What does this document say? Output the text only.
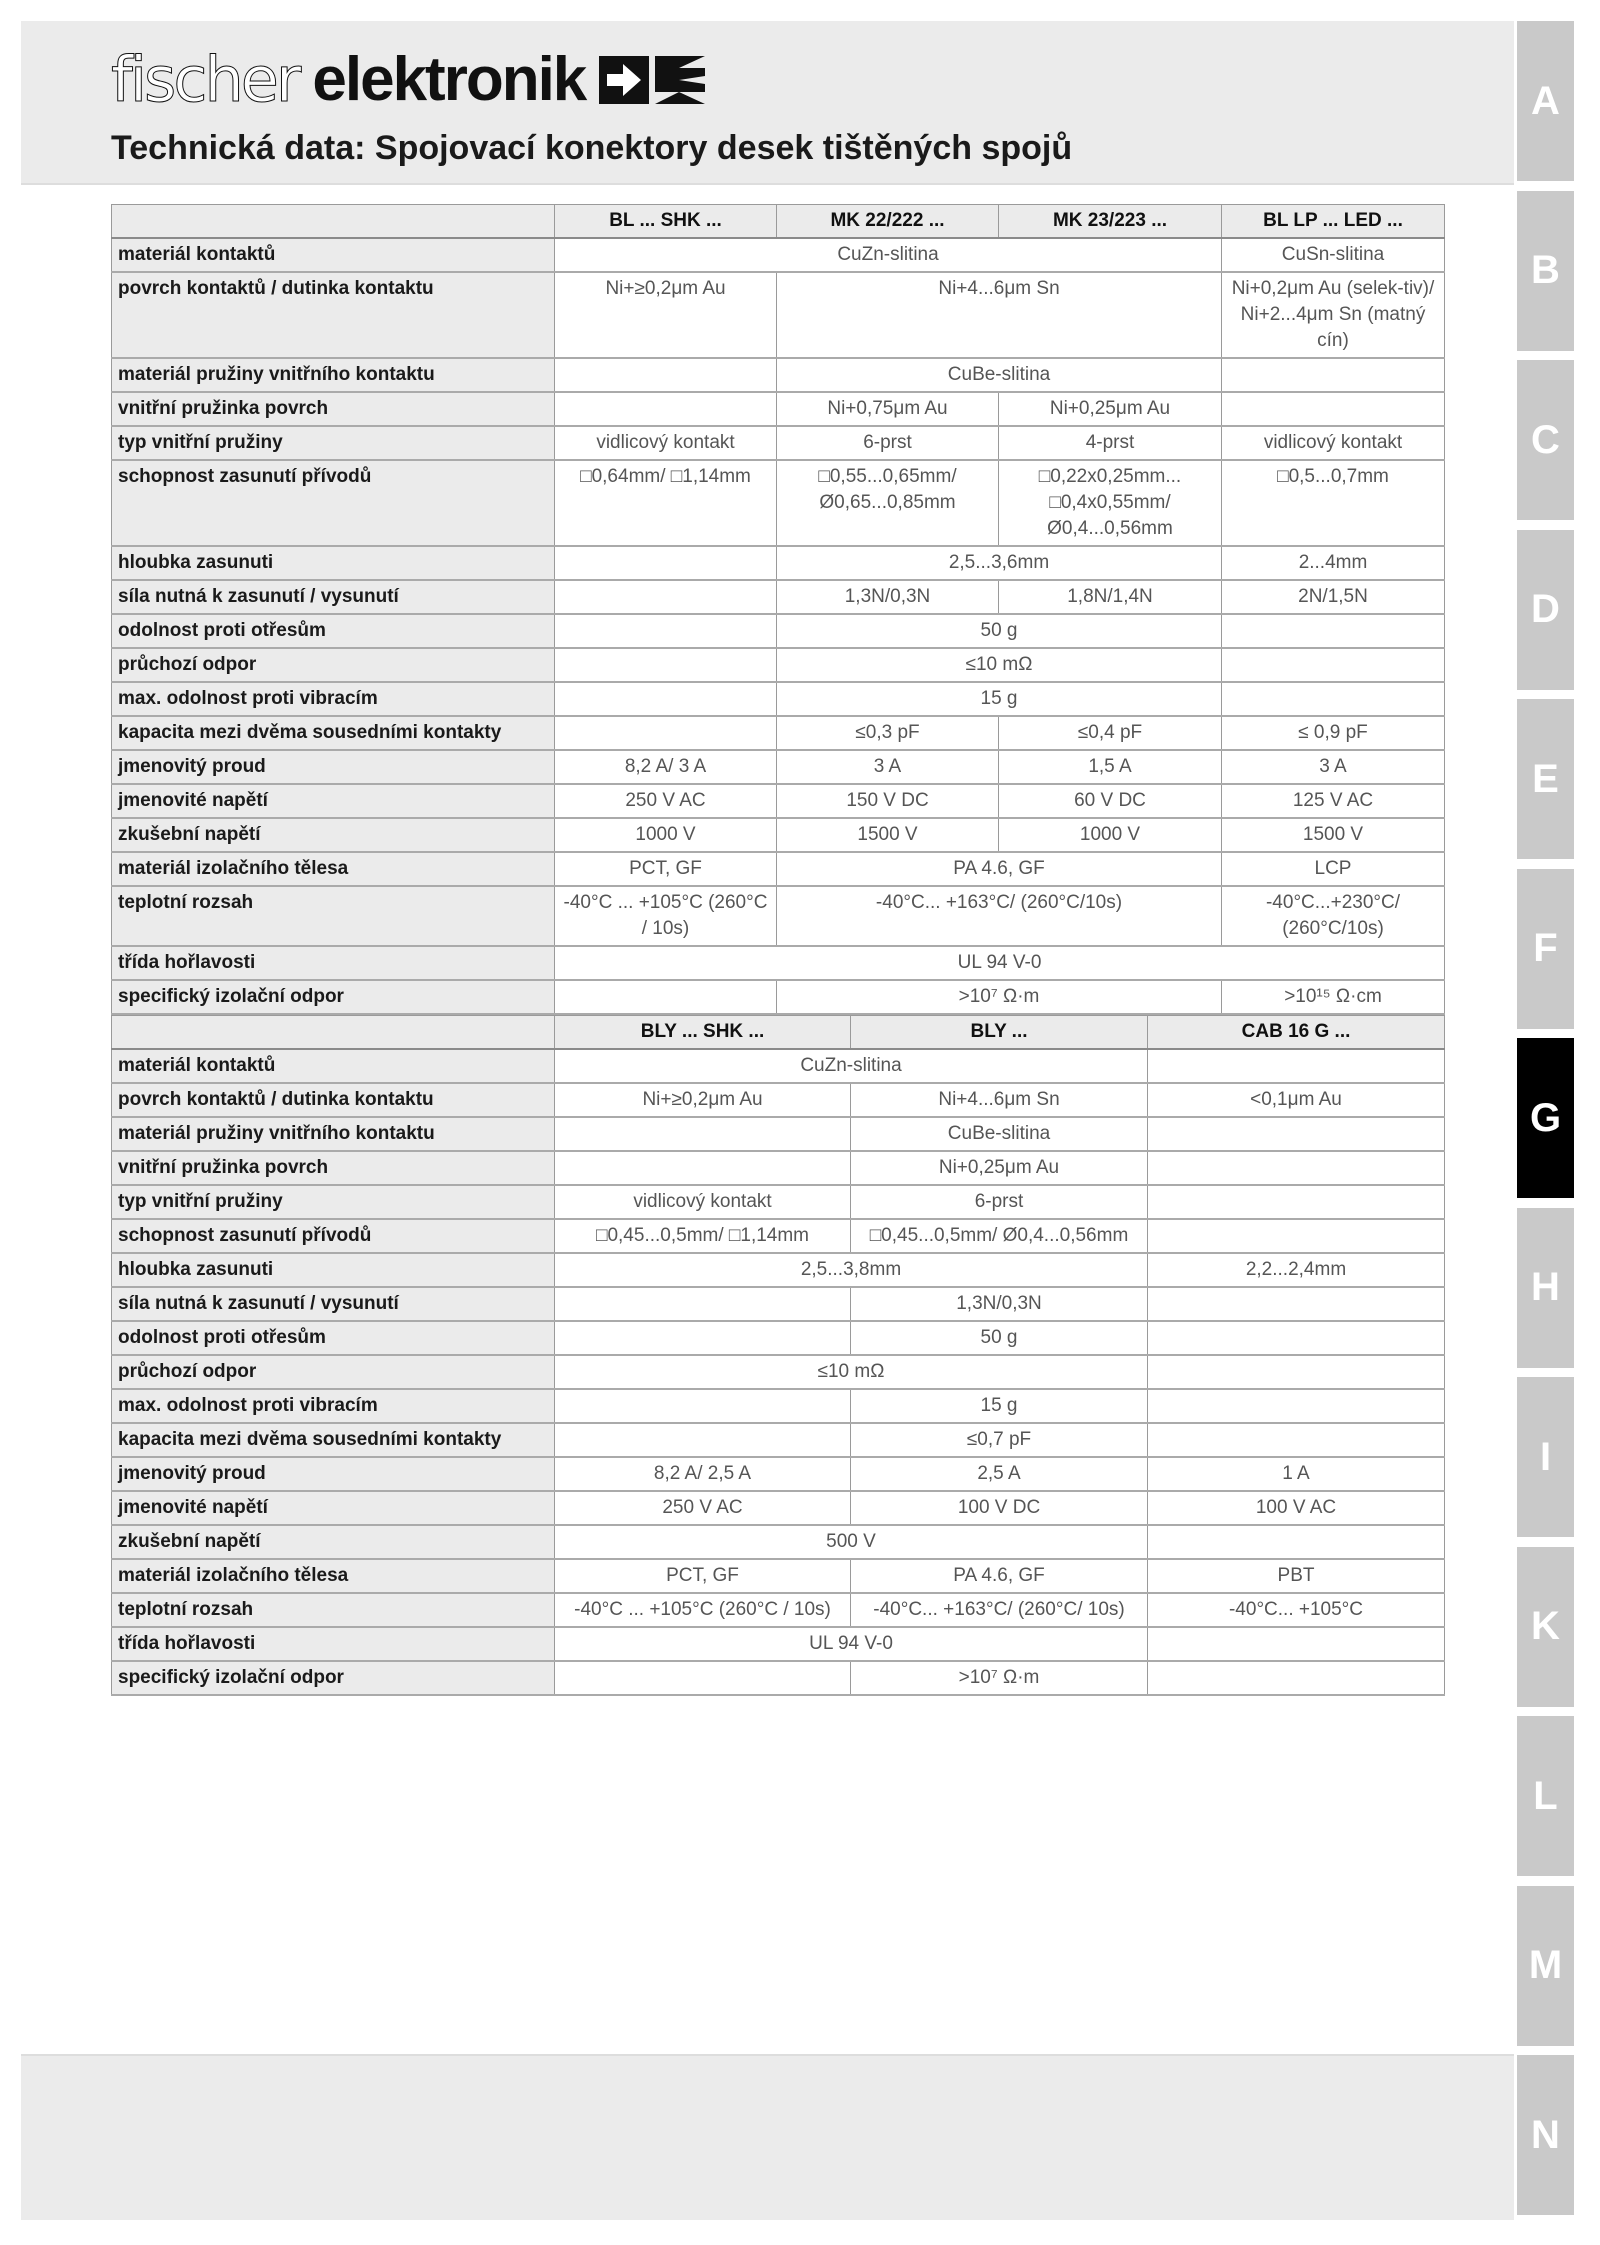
fischer elektronik
Technická data: Spojovací konektory desek tištěných spojů
A
B
C
D
E
F
G
H
I
K
L
M
N
	BL ... SHK ...	MK 22/222 ...	MK 23/223 ...	BL LP ... LED ...
materiál kontaktů	CuZn-slitina			CuSn-slitina
povrch kontaktů / dutinka kontaktu	Ni+≥0,2μm Au	Ni+4...6μm Sn		Ni+0,2μm Au (selek-tiv)/ Ni+2...4μm Sn (matný cín)
materiál pružiny vnitřního kontaktu		CuBe-slitina		
vnitřní pružinka povrch		Ni+0,75μm Au	Ni+0,25μm Au	
typ vnitřní pružiny	vidlicový kontakt	6-prst	4-prst	vidlicový kontakt
schopnost zasunutí přívodů	□0,64mm/ □1,14mm	□0,55...0,65mm/ Ø0,65...0,85mm	□0,22x0,25mm... □0,4x0,55mm/ Ø0,4...0,56mm	□0,5...0,7mm
hloubka zasunuti		2,5...3,6mm		2...4mm
síla nutná k zasunutí / vysunutí		1,3N/0,3N	1,8N/1,4N	2N/1,5N
odolnost proti otřesům		50 g		
průchozí odpor		≤10 mΩ		
max. odolnost proti vibracím		15 g		
kapacita mezi dvěma sousedními kontakty		≤0,3 pF	≤0,4 pF	≤ 0,9 pF
jmenovitý proud	8,2 A/ 3 A	3 A	1,5 A	3 A
jmenovité napětí	250 V AC	150 V DC	60 V DC	125 V AC
zkušební napětí	1000 V	1500 V	1000 V	1500 V
materiál izolačního tělesa	PCT, GF	PA 4.6, GF		LCP
teplotní rozsah	-40°C ... +105°C (260°C / 10s)	-40°C... +163°C/ (260°C/10s)		-40°C...+230°C/ (260°C/10s)
třída hořlavosti	UL 94 V-0			
specifický izolační odpor		>10⁷ Ω·m		>10¹⁵ Ω·cm
	BLY ... SHK ...	BLY ...	CAB 16 G ...
materiál kontaktů	CuZn-slitina		
povrch kontaktů / dutinka kontaktu	Ni+≥0,2μm Au	Ni+4...6μm Sn	<0,1μm Au
materiál pružiny vnitřního kontaktu		CuBe-slitina	
vnitřní pružinka povrch		Ni+0,25μm Au	
typ vnitřní pružiny	vidlicový kontakt	6-prst	
schopnost zasunutí přívodů	□0,45...0,5mm/ □1,14mm	□0,45...0,5mm/ Ø0,4...0,56mm	
hloubka zasunuti	2,5...3,8mm		2,2...2,4mm
síla nutná k zasunutí / vysunutí		1,3N/0,3N	
odolnost proti otřesům		50 g	
průchozí odpor	≤10 mΩ		
max. odolnost proti vibracím		15 g	
kapacita mezi dvěma sousedními kontakty		≤0,7 pF	
jmenovitý proud	8,2 A/ 2,5 A	2,5 A	1 A
jmenovité napětí	250 V AC	100 V DC	100 V AC
zkušební napětí	500 V		
materiál izolačního tělesa	PCT, GF	PA 4.6, GF	PBT
teplotní rozsah	-40°C ... +105°C (260°C / 10s)	-40°C... +163°C/ (260°C/ 10s)	-40°C... +105°C
třída hořlavosti	UL 94 V-0		
specifický izolační odpor		>10⁷ Ω·m	
